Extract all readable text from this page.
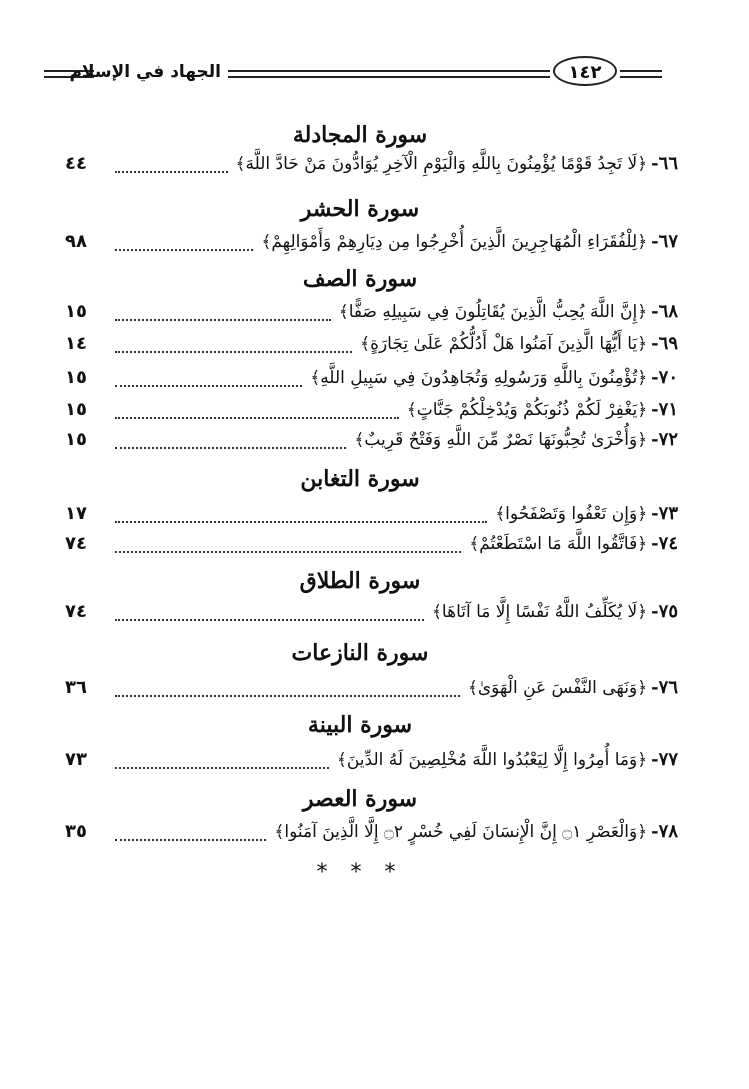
الجهاد في الإسلام	١٤٢
سورة المجادلة
٦٦-
﴿لَا تَجِدُ قَوْمًا يُؤْمِنُونَ بِاللَّهِ وَالْيَوْمِ الْآخِرِ يُوَادُّونَ مَنْ حَادَّ اللَّهَ﴾
٤٤
سورة الحشر
٦٧-
﴿لِلْفُقَرَاءِ الْمُهَاجِرِينَ الَّذِينَ أُخْرِجُوا مِن دِيَارِهِمْ وَأَمْوَالِهِمْ﴾
٩٨
سورة الصف
٦٨-
﴿إِنَّ اللَّهَ يُحِبُّ الَّذِينَ يُقَاتِلُونَ فِي سَبِيلِهِ صَفًّا﴾
١٥
٦٩-
﴿يَا أَيُّهَا الَّذِينَ آمَنُوا هَلْ أَدُلُّكُمْ عَلَىٰ تِجَارَةٍ﴾
١٤
٧٠-
﴿تُؤْمِنُونَ بِاللَّهِ وَرَسُولِهِ وَتُجَاهِدُونَ فِي سَبِيلِ اللَّهِ﴾
١٥
٧١-
﴿يَغْفِرْ لَكُمْ ذُنُوبَكُمْ وَيُدْخِلْكُمْ جَنَّاتٍ﴾
١٥
٧٢-
﴿وَأُخْرَىٰ تُحِبُّونَهَا نَصْرٌ مِّنَ اللَّهِ وَفَتْحٌ قَرِيبٌ﴾
١٥
سورة التغابن
٧٣-
﴿وَإِن تَعْفُوا وَتَصْفَحُوا﴾
١٧
٧٤-
﴿فَاتَّقُوا اللَّهَ مَا اسْتَطَعْتُمْ﴾
٧٤
سورة الطلاق
٧٥-
﴿لَا يُكَلِّفُ اللَّهُ نَفْسًا إِلَّا مَا آتَاهَا﴾
٧٤
سورة النازعات
٧٦-
﴿وَنَهَى النَّفْسَ عَنِ الْهَوَىٰ﴾
٣٦
سورة البينة
٧٧-
﴿وَمَا أُمِرُوا إِلَّا لِيَعْبُدُوا اللَّهَ مُخْلِصِينَ لَهُ الدِّينَ﴾
٧٣
سورة العصر
٧٨-
﴿وَالْعَصْرِ ۝١ إِنَّ الْإِنسَانَ لَفِي خُسْرٍ ۝٢ إِلَّا الَّذِينَ آمَنُوا﴾
٣٥
* * *
